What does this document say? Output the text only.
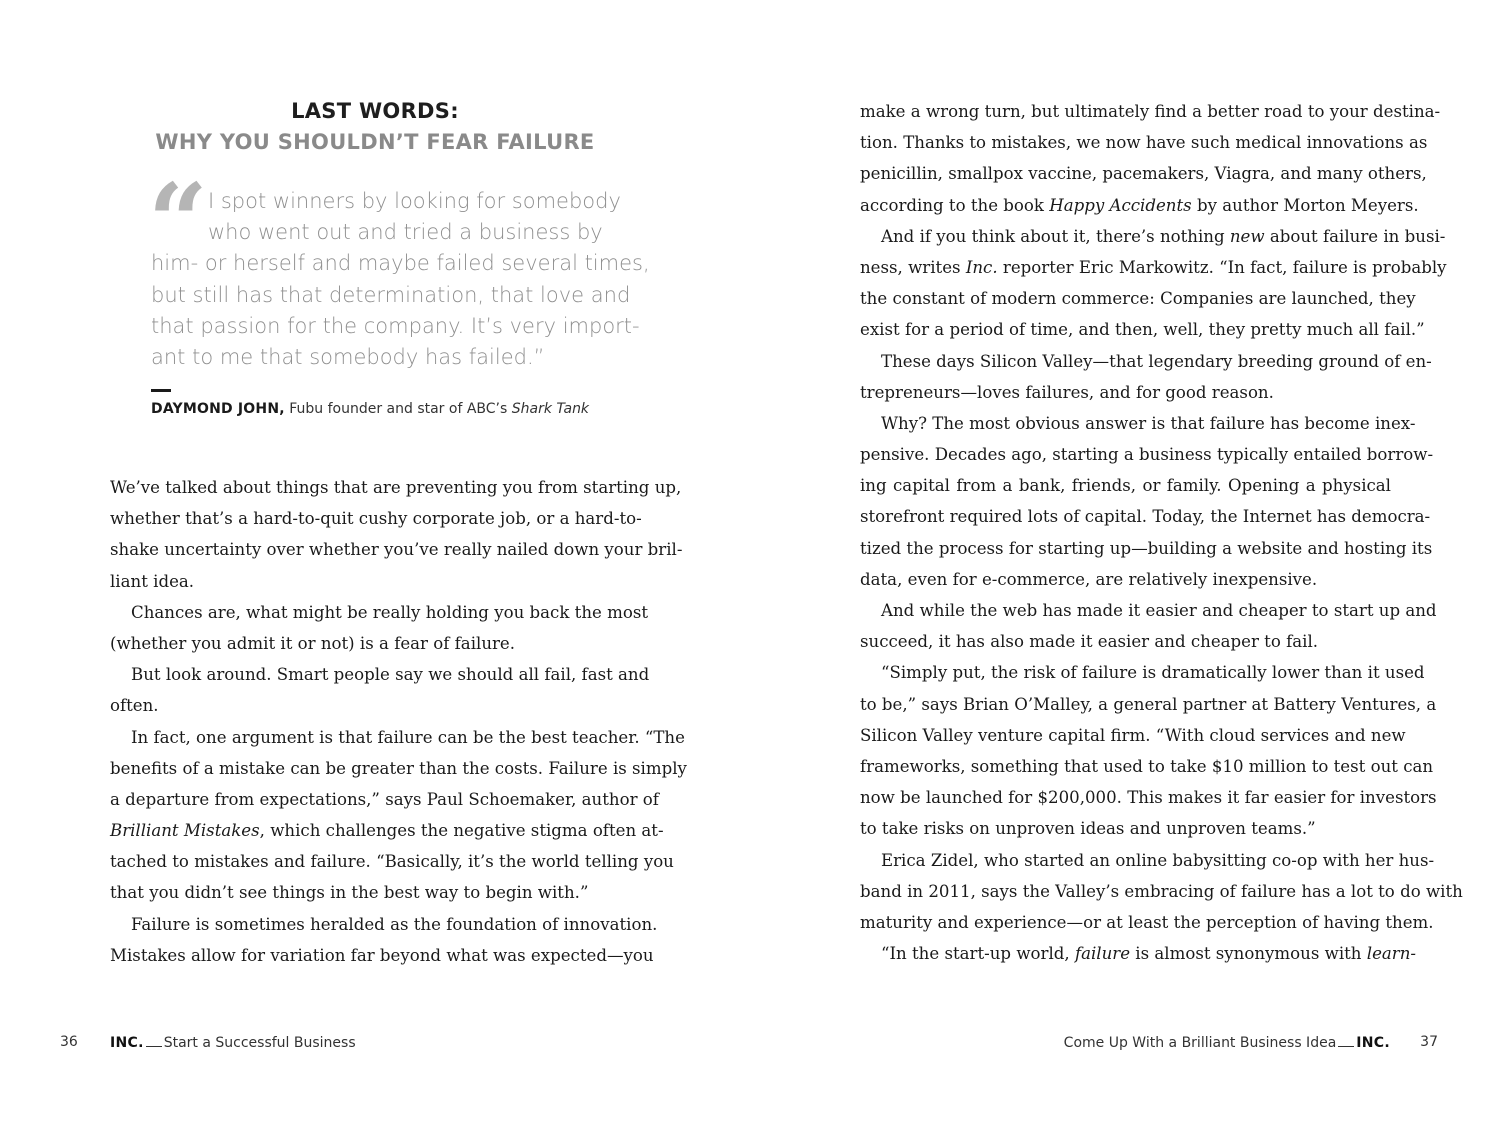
LAST WORDS:
WHY YOU SHOULDN’T FEAR FAILURE
“ I spot winners by looking for somebody
who went out and tried a business by
him- or herself and maybe failed several times,
but still has that determination, that love and
that passion for the company. It’s very import-
ant to me that somebody has failed.”
DAYMOND JOHN, Fubu founder and star of ABC’s Shark Tank
We’ve talked about things that are preventing you from starting up,
whether that’s a hard-to-quit cushy corporate job, or a hard-to-
shake uncertainty over whether you’ve really nailed down your bril-
liant idea.
Chances are, what might be really holding you back the most
(whether you admit it or not) is a fear of failure.
But look around. Smart people say we should all fail, fast and
often.
In fact, one argument is that failure can be the best teacher. “The
benefits of a mistake can be greater than the costs. Failure is simply
a departure from expectations,” says Paul Schoemaker, author of
Brilliant Mistakes, which challenges the negative stigma often at-
tached to mistakes and failure. “Basically, it’s the world telling you
that you didn’t see things in the best way to begin with.”
Failure is sometimes heralded as the foundation of innovation.
Mistakes allow for variation far beyond what was expected—you
36 INC. Start a Successful Business
make a wrong turn, but ultimately find a better road to your destina-
tion. Thanks to mistakes, we now have such medical innovations as
penicillin, smallpox vaccine, pacemakers, Viagra, and many others,
according to the book Happy Accidents by author Morton Meyers.
And if you think about it, there’s nothing new about failure in busi-
ness, writes Inc. reporter Eric Markowitz. “In fact, failure is probably
the constant of modern commerce: Companies are launched, they
exist for a period of time, and then, well, they pretty much all fail.”
These days Silicon Valley—that legendary breeding ground of en-
trepreneurs—loves failures, and for good reason.
Why? The most obvious answer is that failure has become inex-
pensive. Decades ago, starting a business typically entailed borrow-
ing capital from a bank, friends, or family. Opening a physical
storefront required lots of capital. Today, the Internet has democra-
tized the process for starting up—building a website and hosting its
data, even for e-commerce, are relatively inexpensive.
And while the web has made it easier and cheaper to start up and
succeed, it has also made it easier and cheaper to fail.
“Simply put, the risk of failure is dramatically lower than it used
to be,” says Brian O’Malley, a general partner at Battery Ventures, a
Silicon Valley venture capital firm. “With cloud services and new
frameworks, something that used to take $10 million to test out can
now be launched for $200,000. This makes it far easier for investors
to take risks on unproven ideas and unproven teams.”
Erica Zidel, who started an online babysitting co-op with her hus-
band in 2011, says the Valley’s embracing of failure has a lot to do with
maturity and experience—or at least the perception of having them.
“In the start-up world, failure is almost synonymous with learn-
Come Up With a Brilliant Business Idea INC. 37
